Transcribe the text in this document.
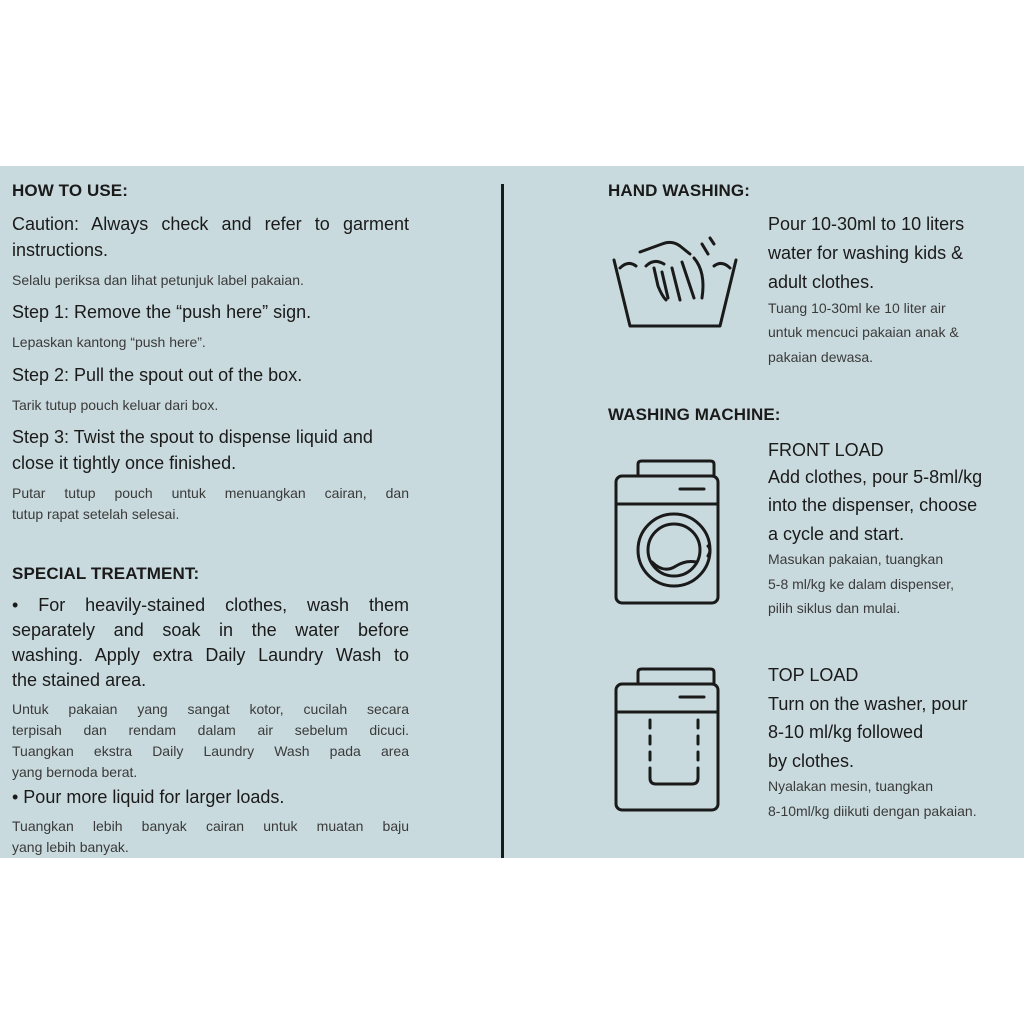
HOW TO USE:
Caution: Always check and refer to garment
instructions.
Selalu periksa dan lihat petunjuk label pakaian.
Step 1: Remove the “push here” sign.
Lepaskan kantong “push here”.
Step 2: Pull the spout out of the box.
Tarik tutup pouch keluar dari box.
Step 3: Twist the spout to dispense liquid and
close it tightly once finished.
Putar tutup pouch untuk menuangkan cairan, dan
tutup rapat setelah selesai.
SPECIAL TREATMENT:
• For heavily-stained clothes, wash them
separately and soak in the water before
washing. Apply extra Daily Laundry Wash to
the stained area.
Untuk pakaian yang sangat kotor, cucilah secara
terpisah dan rendam dalam air sebelum dicuci.
Tuangkan ekstra Daily Laundry Wash pada area
yang bernoda berat.
• Pour more liquid for larger loads.
Tuangkan lebih banyak cairan untuk muatan baju
yang lebih banyak.
HAND WASHING:
Pour 10-30ml to 10 liters
water for washing kids &
adult clothes.
Tuang 10-30ml ke 10 liter air
untuk mencuci pakaian anak &
pakaian dewasa.
WASHING MACHINE:
FRONT LOAD
Add clothes, pour 5-8ml/kg
into the dispenser, choose
a cycle and start.
Masukan pakaian, tuangkan
5-8 ml/kg ke dalam dispenser,
pilih siklus dan mulai.
TOP LOAD
Turn on the washer, pour
8-10 ml/kg followed
by clothes.
Nyalakan mesin, tuangkan
8-10ml/kg diikuti dengan pakaian.
